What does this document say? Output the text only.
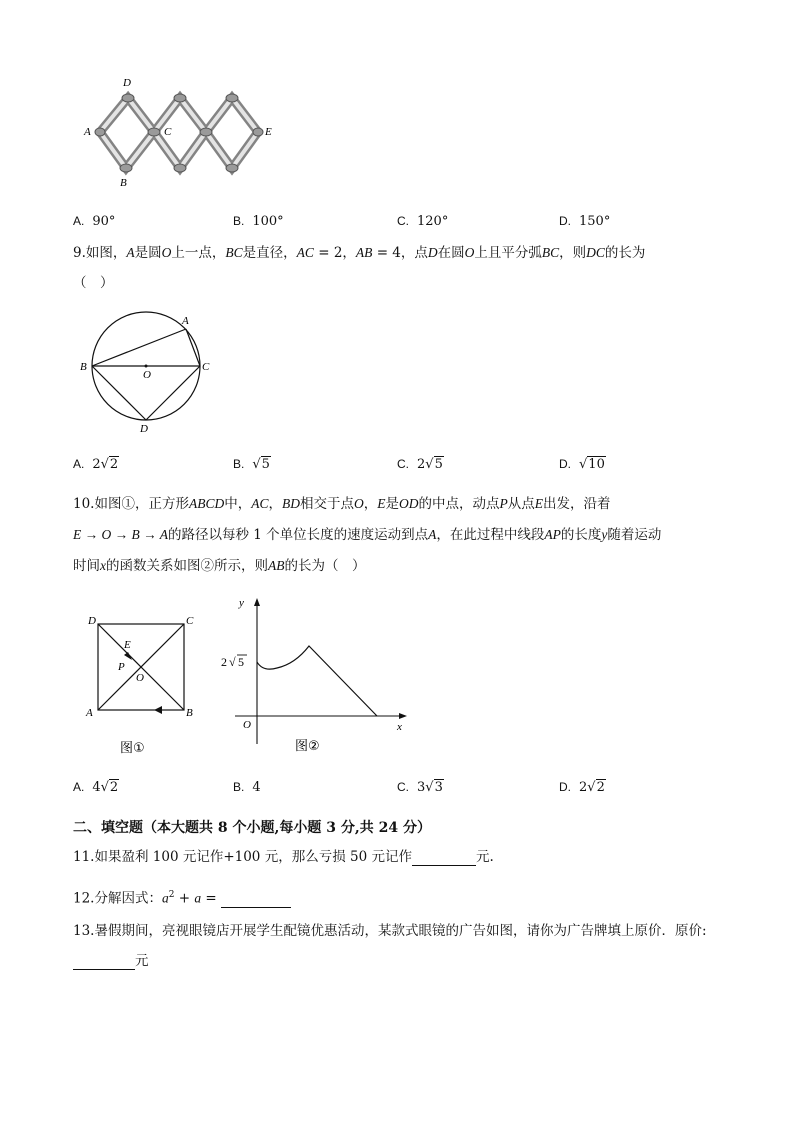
D
A	C	E
B
A. 90°	B. 100°	C. 120°	D. 150°
9.如图，A是圆O上一点，BC是直径，AC = 2，AB = 4，点D在圆O上且平分弧BC，则DC的长为
（　）
A
B	C
O
D
A. 2√2	B. √5	C. 2√5	D. √10
10.如图①，正方形ABCD中，AC，BD相交于点O，E是OD的中点，动点P从点E出发，沿着
E → O → B → A的路径以每秒 1 个单位长度的速度运动到点A，在此过程中线段AP的长度y随着运动
时间x的函数关系如图②所示，则AB的长为（　）
D	C
E
P
O
A	B
图①
y
x
O
2 √ 5
图②
A. 4√2	B. 4	C. 3√3	D. 2√2
二、填空题（本大题共 8 个小题,每小题 3 分,共 24 分）
11.如果盈利 100 元记作+100 元，那么亏损 50 元记作	元.
12.分解因式：$a^2 + a$ =
13.暑假期间，亮视眼镜店开展学生配镜优惠活动，某款式眼镜的广告如图，请你为广告牌填上原价．原价:
元
